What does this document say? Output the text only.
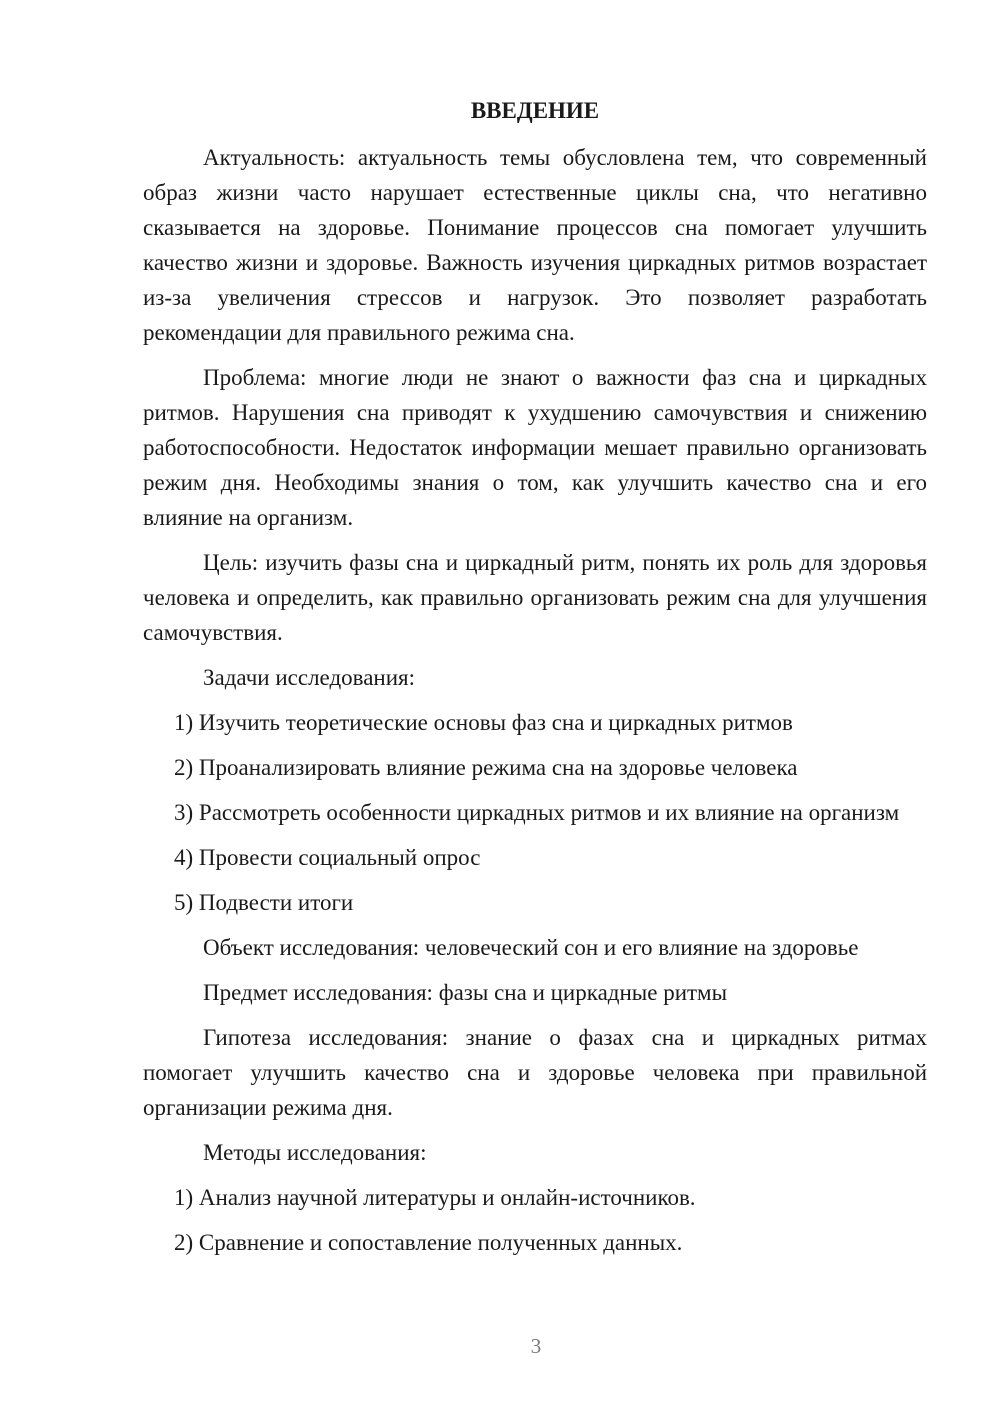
ВВЕДЕНИЕ

Актуальность: актуальность темы обусловлена тем, что современный образ жизни часто нарушает естественные циклы сна, что негативно сказывается на здоровье. Понимание процессов сна помогает улучшить качество жизни и здоровье. Важность изучения циркадных ритмов возрастает из-за увеличения стрессов и нагрузок. Это позволяет разработать рекомендации для правильного режима сна.

Проблема: многие люди не знают о важности фаз сна и циркадных ритмов. Нарушения сна приводят к ухудшению самочувствия и снижению работоспособности. Недостаток информации мешает правильно организовать режим дня. Необходимы знания о том, как улучшить качество сна и его влияние на организм.

Цель: изучить фазы сна и циркадный ритм, понять их роль для здоровья человека и определить, как правильно организовать режим сна для улучшения самочувствия.

Задачи исследования:

1) Изучить теоретические основы фаз сна и циркадных ритмов

2) Проанализировать влияние режима сна на здоровье человека

3) Рассмотреть особенности циркадных ритмов и их влияние на организм

4) Провести социальный опрос

5) Подвести итоги

Объект исследования: человеческий сон и его влияние на здоровье

Предмет исследования: фазы сна и циркадные ритмы

Гипотеза исследования: знание о фазах сна и циркадных ритмах помогает улучшить качество сна и здоровье человека при правильной организации режима дня.

Методы исследования:

1) Анализ научной литературы и онлайн-источников.

2) Сравнение и сопоставление полученных данных.

3
